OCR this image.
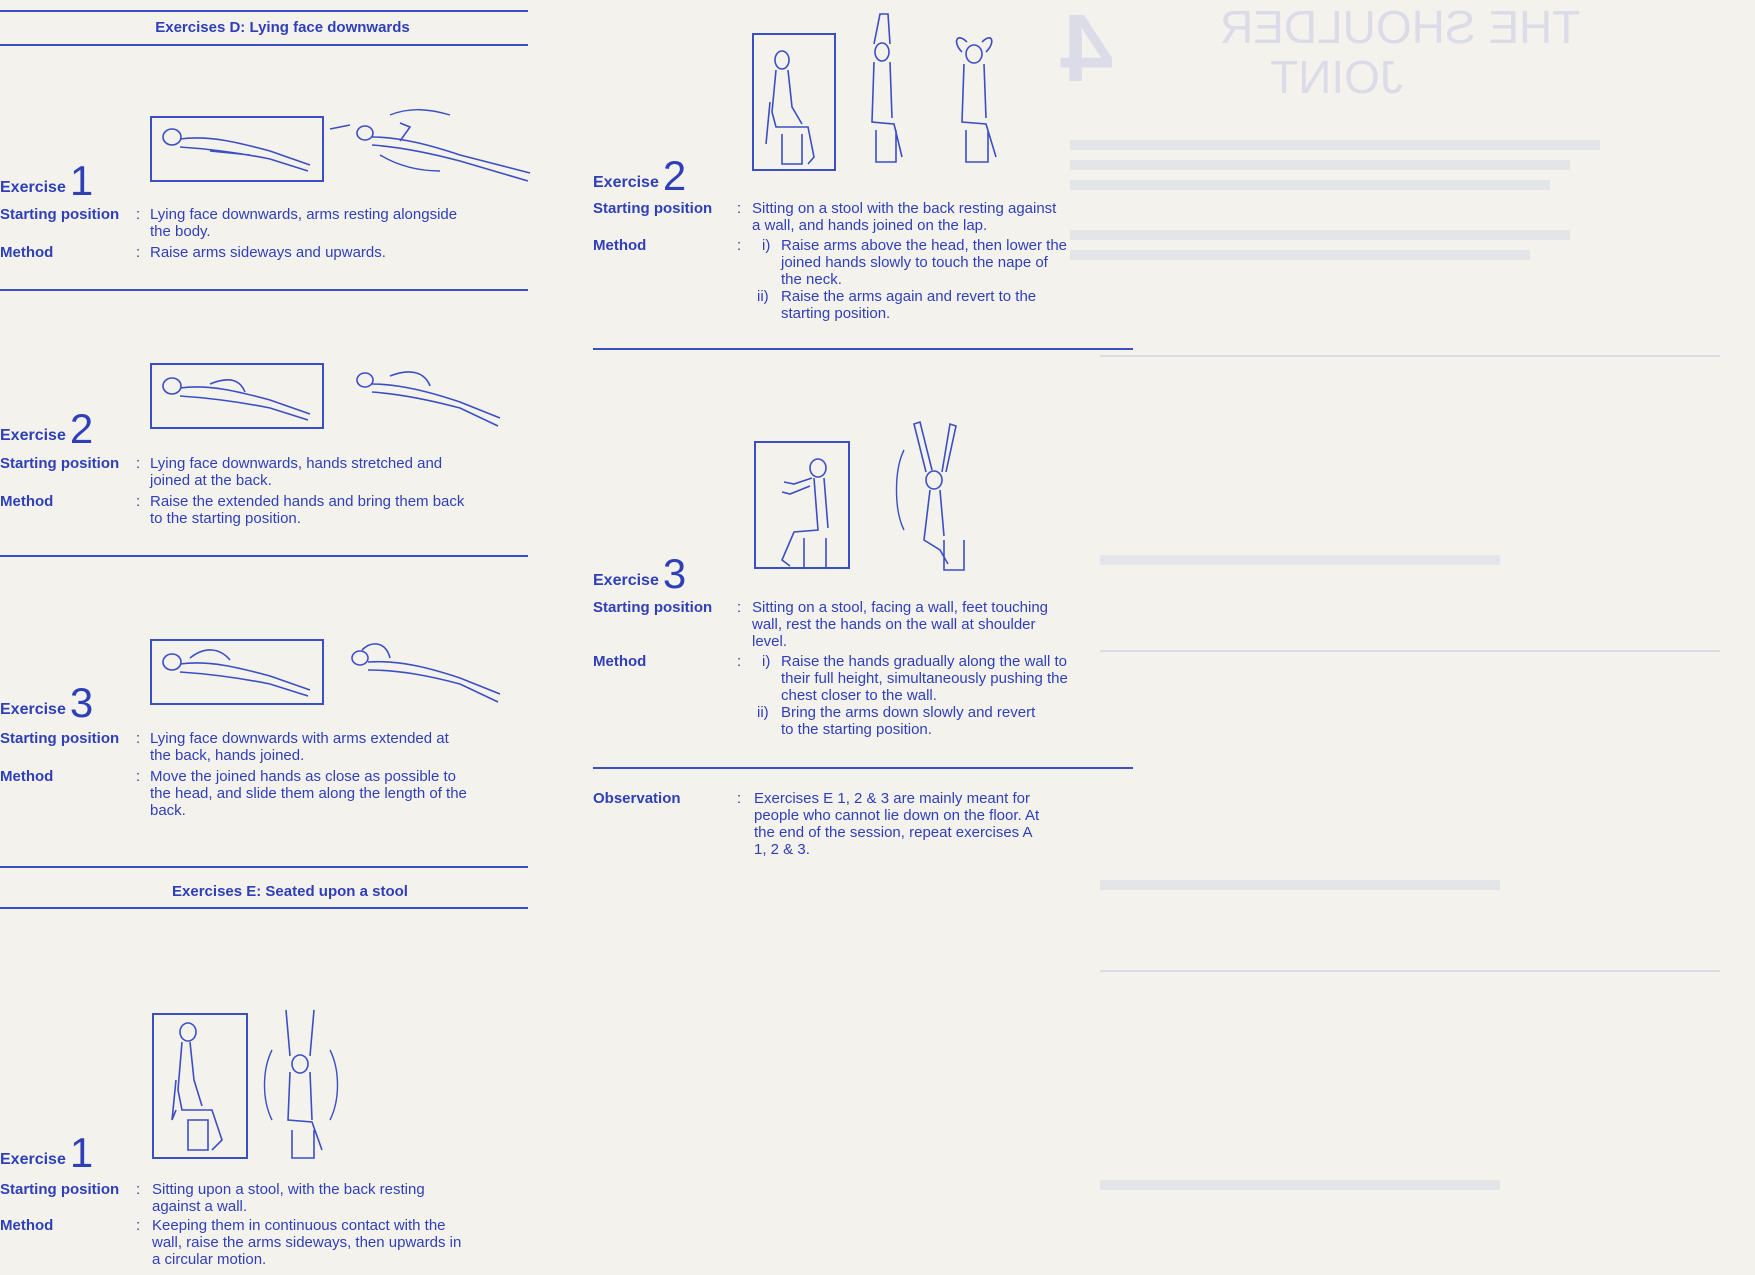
THE SHOULDER
JOINT
4
Exercises D: Lying face downwards
Exercise1
Starting position : Lying face downwards, arms resting alongside
the body.
Method	: Raise arms sideways and upwards.
Exercise2
Starting position : Lying face downwards, hands stretched and
joined at the back.
Method	: Raise the extended hands and bring them back
to the starting position.
Exercise3
Starting position : Lying face downwards with arms extended at
the back, hands joined.
Method	: Move the joined hands as close as possible to
the head, and slide them along the length of the
back.
Exercises E: Seated upon a stool
Exercise1
Starting position : Sitting upon a stool, with the back resting
against a wall.
Method	: Keeping them in continuous contact with the
wall, raise the arms sideways, then upwards in
a circular motion.
Exercise2
Starting position : Sitting on a stool with the back resting against
a wall, and hands joined on the lap.
Method	: i) Raise arms above the head, then lower the
joined hands slowly to touch the nape of
the neck.
ii) Raise the arms again and revert to the
starting position.
Exercise3
Starting position : Sitting on a stool, facing a wall, feet touching
wall, rest the hands on the wall at shoulder
level.
Method	: i) Raise the hands gradually along the wall to
their full height, simultaneously pushing the
chest closer to the wall.
ii) Bring the arms down slowly and revert
to the starting position.
Observation	: Exercises E 1, 2 & 3 are mainly meant for
people who cannot lie down on the floor. At
the end of the session, repeat exercises A
1, 2 & 3.
